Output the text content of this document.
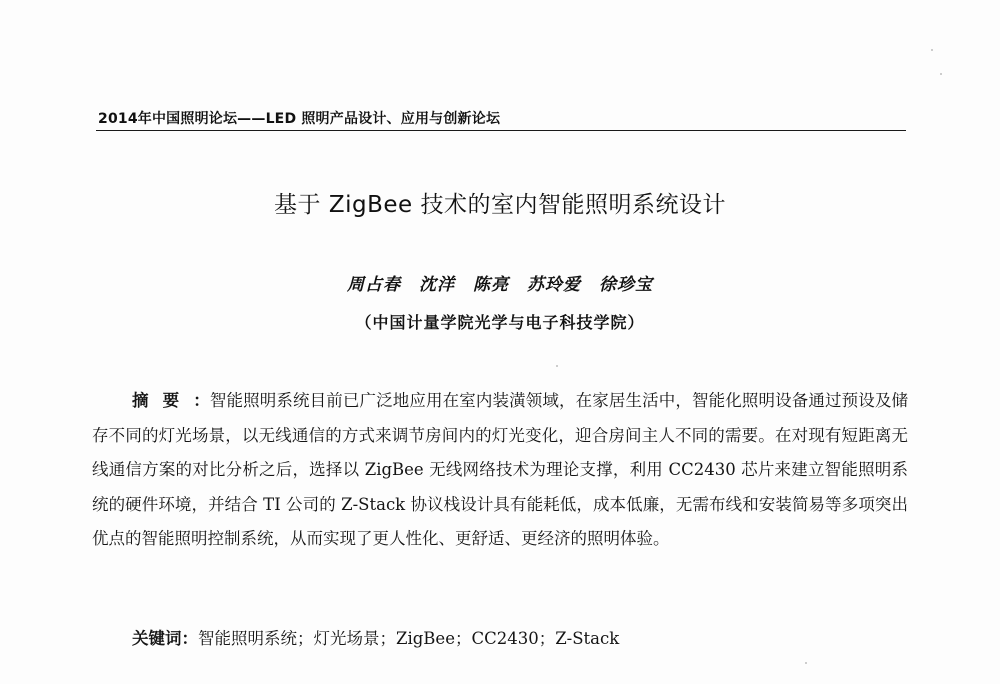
2014年中国照明论坛——LED 照明产品设计、应用与创新论坛
基于 ZigBee 技术的室内智能照明系统设计
周占春　沈洋　陈亮　苏玲爱　徐珍宝
（中国计量学院光学与电子科技学院）
摘要：智能照明系统目前已广泛地应用在室内装潢领域，在家居生活中，智能化照明设备通过预设及储存不同的灯光场景，以无线通信的方式来调节房间内的灯光变化，迎合房间主人不同的需要。在对现有短距离无线通信方案的对比分析之后，选择以 ZigBee 无线网络技术为理论支撑，利用 CC2430 芯片来建立智能照明系统的硬件环境，并结合 TI 公司的 Z-Stack 协议栈设计具有能耗低，成本低廉，无需布线和安装简易等多项突出优点的智能照明控制系统，从而实现了更人性化、更舒适、更经济的照明体验。
关键词：智能照明系统；灯光场景；ZigBee；CC2430；Z-Stack
